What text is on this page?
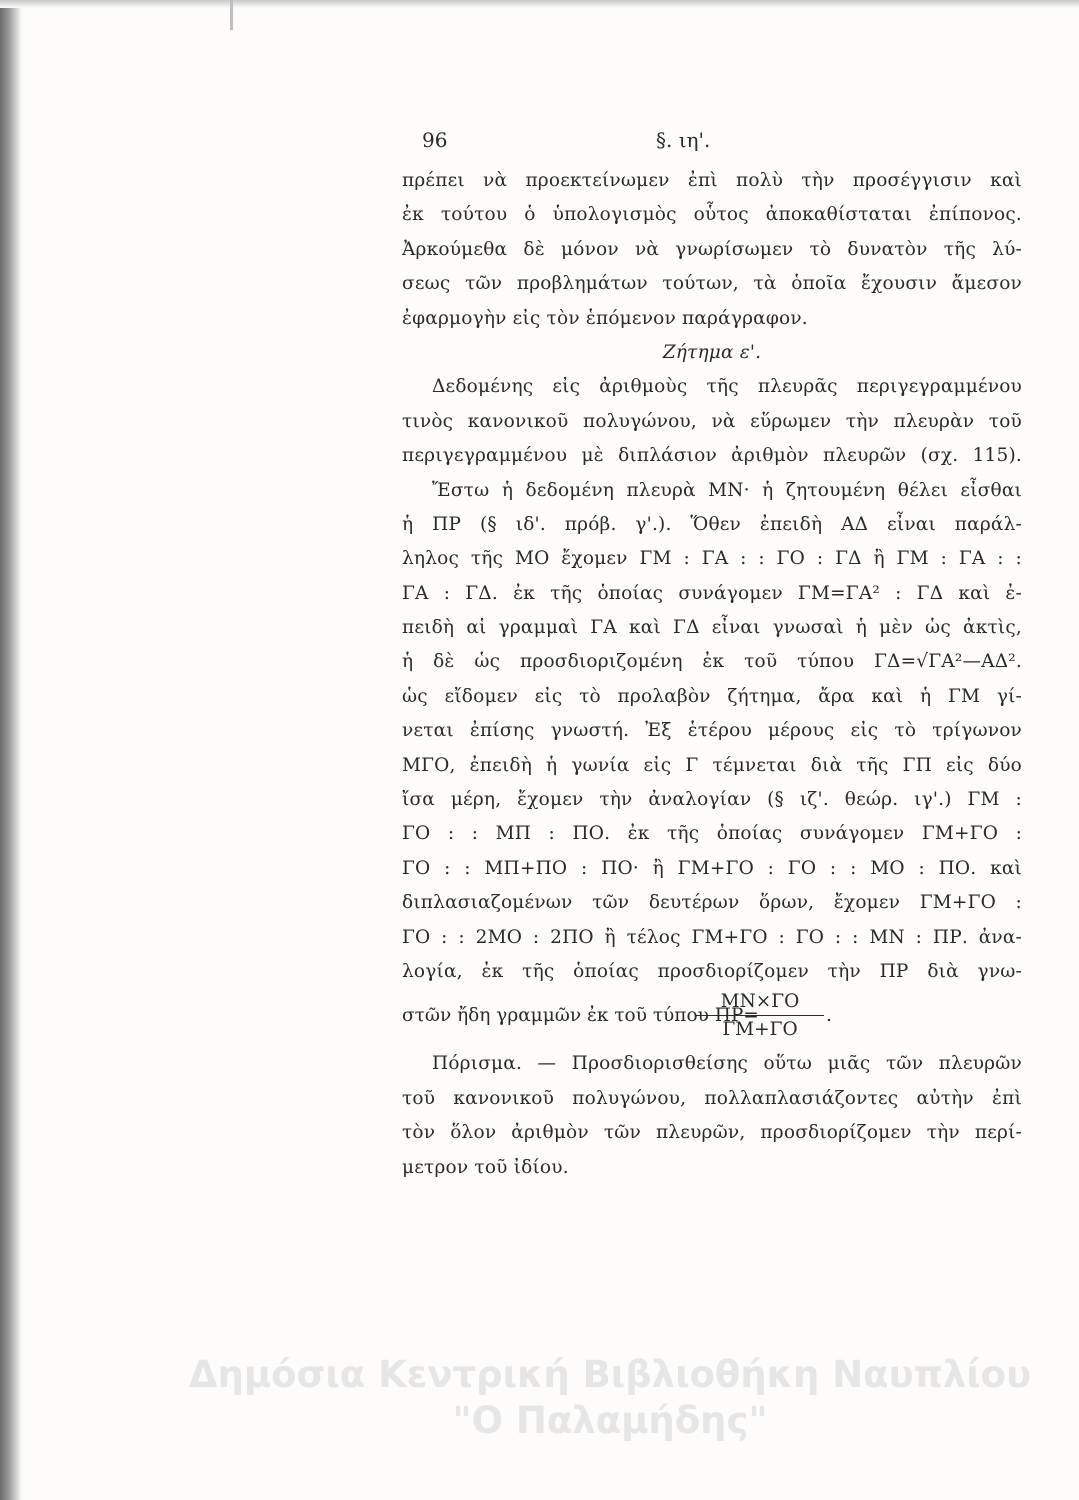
96	§. ιη'.
πρέπει νὰ προεκτείνωμεν ἐπὶ πολὺ τὴν προσέγγισιν καὶ
ἐκ τούτου ὁ ὑπολογισμὸς οὗτος ἀποκαθίσταται ἐπίπονος.
Ἀρκούμεθα δὲ μόνον νὰ γνωρίσωμεν τὸ δυνατὸν τῆς λύ-
σεως τῶν προβλημάτων τούτων, τὰ ὁποῖα ἔχουσιν ἄμεσον
ἐφαρμογὴν εἰς τὸν ἑπόμενον παράγραφον.
Ζήτημα ε'.
Δεδομένης εἰς ἀριθμοὺς τῆς πλευρᾶς περιγεγραμμένου
τινὸς κανονικοῦ πολυγώνου, νὰ εὕρωμεν τὴν πλευρὰν τοῦ
περιγεγραμμένου μὲ διπλάσιον ἀριθμὸν πλευρῶν (σχ. 115).
Ἔστω ἡ δεδομένη πλευρὰ ΜΝ· ἡ ζητουμένη θέλει εἶσθαι
ἡ ΠΡ (§ ιδ'. πρόβ. γ'.). Ὅθεν ἐπειδὴ ΑΔ εἶναι παράλ-
ληλος τῆς ΜΟ ἔχομεν ΓΜ : ΓΑ : : ΓΟ : ΓΔ ἢ ΓΜ : ΓΑ : :
ΓΑ : ΓΔ. ἐκ τῆς ὁποίας συνάγομεν ΓΜ=ΓΑ² : ΓΔ καὶ ἐ-
πειδὴ αἱ γραμμαὶ ΓΑ καὶ ΓΔ εἶναι γνωσαὶ ἡ μὲν ὡς ἀκτὶς,
ἡ δὲ ὡς προσδιοριζομένη ἐκ τοῦ τύπου ΓΔ=√ΓΑ²—ΑΔ².
ὡς εἴδομεν εἰς τὸ προλαβὸν ζήτημα, ἄρα καὶ ἡ ΓΜ γί-
νεται ἐπίσης γνωστή. Ἐξ ἑτέρου μέρους εἰς τὸ τρίγωνον
ΜΓΟ, ἐπειδὴ ἡ γωνία εἰς Γ τέμνεται διὰ τῆς ΓΠ εἰς δύο
ἴσα μέρη, ἔχομεν τὴν ἀναλογίαν (§ ιζ'. θεώρ. ιγ'.) ΓΜ :
ΓΟ : : ΜΠ : ΠΟ. ἐκ τῆς ὁποίας συνάγομεν ΓΜ+ΓΟ :
ΓΟ : : ΜΠ+ΠΟ : ΠΟ· ἢ ΓΜ+ΓΟ : ΓΟ : : ΜΟ : ΠΟ. καὶ
διπλασιαζομένων τῶν δευτέρων ὅρων, ἔχομεν ΓΜ+ΓΟ :
ΓΟ : : 2ΜΟ : 2ΠΟ ἢ τέλος ΓΜ+ΓΟ : ΓΟ : : ΜΝ : ΠΡ. ἀνα-
λογία, ἐκ τῆς ὁποίας προσδιορίζομεν τὴν ΠΡ διὰ γνω-
στῶν ἤδη γραμμῶν ἐκ τοῦ τύπου ΠΡ=
$\frac{MN\times\Gamma O}{\Gamma M+\Gamma O}$ .
Πόρισμα. — Προσδιορισθείσης οὕτω μιᾶς τῶν πλευρῶν
τοῦ κανονικοῦ πολυγώνου, πολλαπλασιάζοντες αὐτὴν ἐπὶ
τὸν ὅλον ἀριθμὸν τῶν πλευρῶν, προσδιορίζομεν τὴν περί-
μετρον τοῦ ἰδίου.
Δημόσια Κεντρική Βιβλιοθήκη Ναυπλίου
"Ο Παλαμήδης"
